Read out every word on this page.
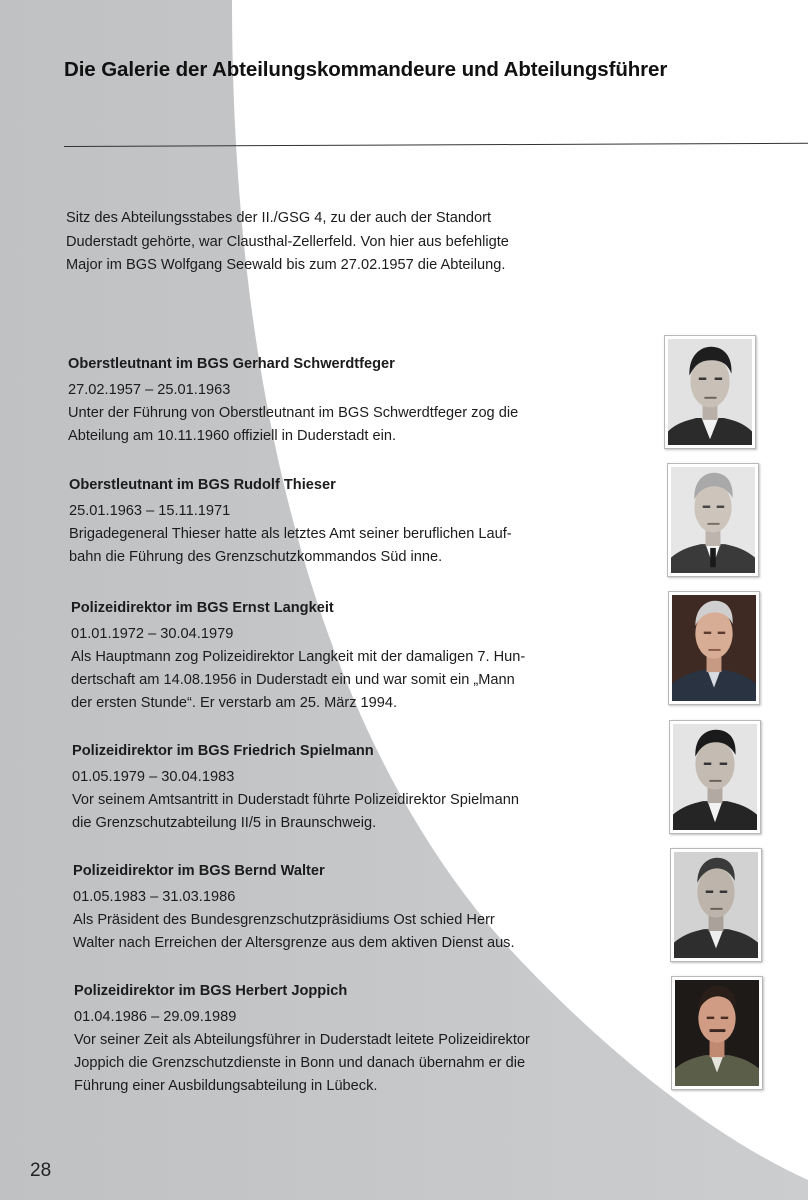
Die Galerie der Abteilungskommandeure und Abteilungsführer
Sitz des Abteilungsstabes der II./GSG 4, zu der auch der Standort
Duderstadt gehörte, war Clausthal-Zellerfeld. Von hier aus befehligte
Major im BGS Wolfgang Seewald bis zum 27.02.1957 die Abteilung.
Oberstleutnant im BGS Gerhard Schwerdtfeger
27.02.1957 – 25.01.1963
Unter der Führung von Oberstleutnant im BGS Schwerdtfeger zog die
Abteilung am 10.11.1960 offiziell in Duderstadt ein.
Oberstleutnant im BGS Rudolf Thieser
25.01.1963 – 15.11.1971
Brigadegeneral Thieser hatte als letztes Amt seiner beruflichen Lauf-
bahn die Führung des Grenzschutzkommandos Süd inne.
Polizeidirektor im BGS Ernst Langkeit
01.01.1972 – 30.04.1979
Als Hauptmann zog Polizeidirektor Langkeit mit der damaligen 7. Hun-
dertschaft am 14.08.1956 in Duderstadt ein und war somit ein „Mann
der ersten Stunde“. Er verstarb am 25. März 1994.
Polizeidirektor im BGS Friedrich Spielmann
01.05.1979 – 30.04.1983
Vor seinem Amtsantritt in Duderstadt führte Polizeidirektor Spielmann
die Grenzschutzabteilung II/5 in Braunschweig.
Polizeidirektor im BGS Bernd Walter
01.05.1983 – 31.03.1986
Als Präsident des Bundesgrenzschutzpräsidiums Ost schied Herr
Walter nach Erreichen der Altersgrenze aus dem aktiven Dienst aus.
Polizeidirektor im BGS Herbert Joppich
01.04.1986 – 29.09.1989
Vor seiner Zeit als Abteilungsführer in Duderstadt leitete Polizeidirektor
Joppich die Grenzschutzdienste in Bonn und danach übernahm er die
Führung einer Ausbildungsabteilung in Lübeck.
28
